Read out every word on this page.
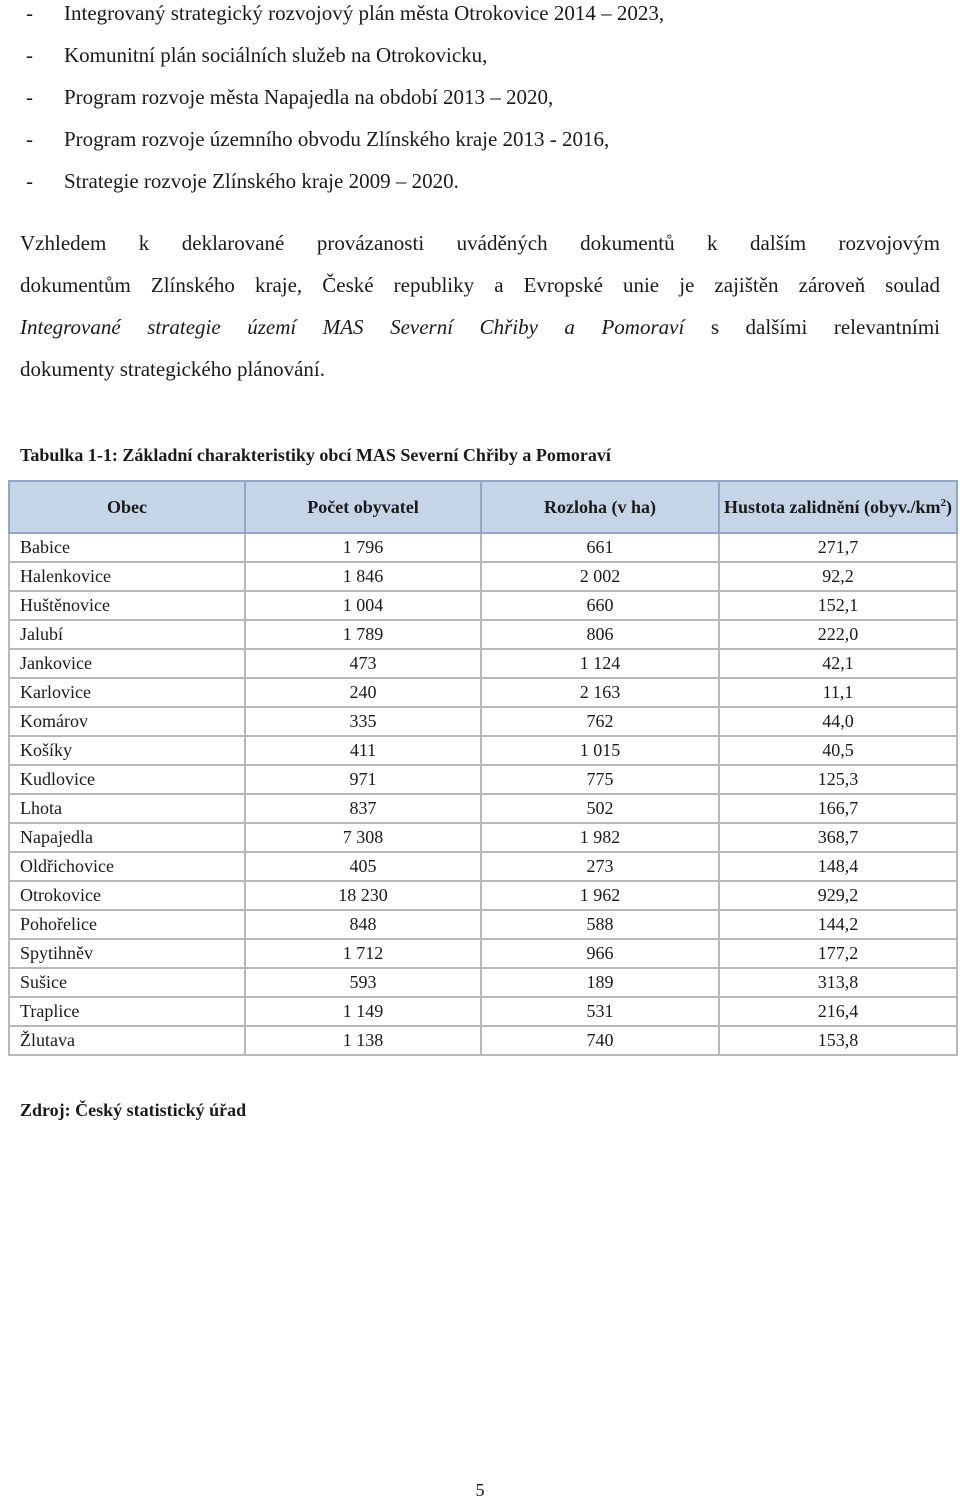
- Integrovaný strategický rozvojový plán města Otrokovice 2014 – 2023,
- Komunitní plán sociálních služeb na Otrokovicku,
- Program rozvoje města Napajedla na období 2013 – 2020,
- Program rozvoje územního obvodu Zlínského kraje 2013 - 2016,
- Strategie rozvoje Zlínského kraje 2009 – 2020.
Vzhledem k deklarované provázanosti uváděných dokumentů k dalším rozvojovým
dokumentům Zlínského kraje, České republiky a Evropské unie je zajištěn zároveň soulad
Integrované strategie území MAS Severní Chřiby a Pomoraví s dalšími relevantními
dokumenty strategického plánování.
Tabulka 1-1: Základní charakteristiky obcí MAS Severní Chřiby a Pomoraví
Obec	Počet obyvatel	Rozloha (v ha)	Hustota zalidnění $(obyv./km^2)$
Babice	1 796	661	271,7
Halenkovice	1 846	2 002	92,2
Huštěnovice	1 004	660	152,1
Jalubí	1 789	806	222,0
Jankovice	473	1 124	42,1
Karlovice	240	2 163	11,1
Komárov	335	762	44,0
Košíky	411	1 015	40,5
Kudlovice	971	775	125,3
Lhota	837	502	166,7
Napajedla	7 308	1 982	368,7
Oldřichovice	405	273	148,4
Otrokovice	18 230	1 962	929,2
Pohořelice	848	588	144,2
Spytihněv	1 712	966	177,2
Sušice	593	189	313,8
Traplice	1 149	531	216,4
Žlutava	1 138	740	153,8
Zdroj: Český statistický úřad
5
